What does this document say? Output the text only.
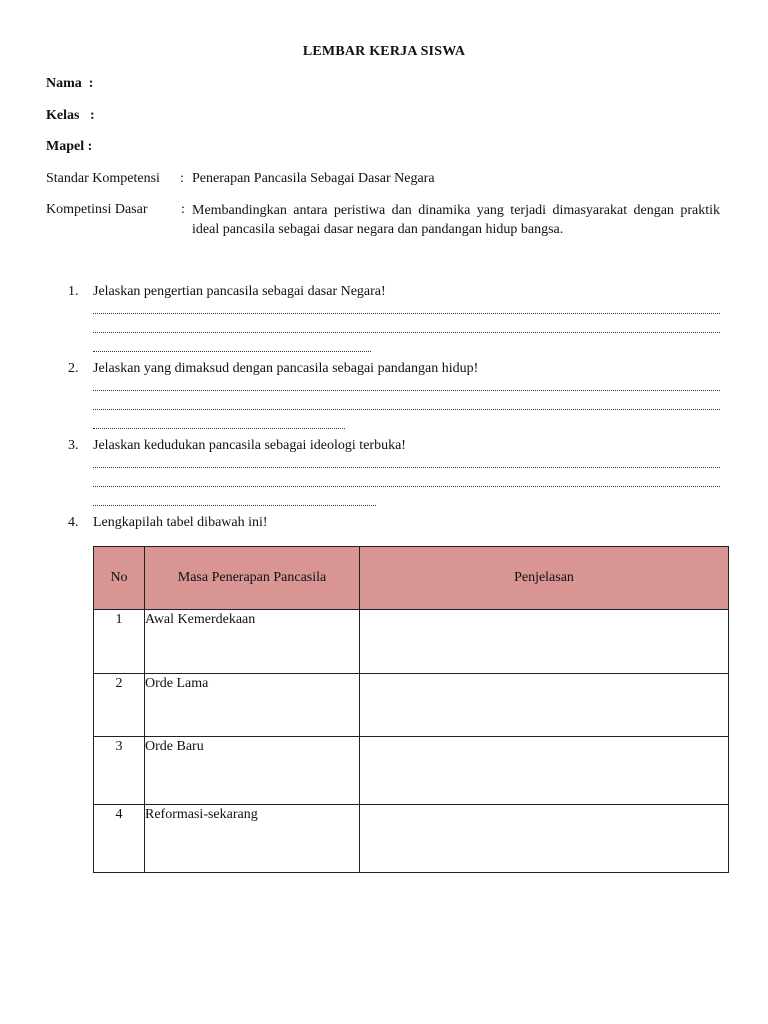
LEMBAR KERJA SISWA
Nama  :
Kelas   :
Mapel :
Standar Kompetensi : Penerapan Pancasila Sebagai Dasar Negara
Kompetinsi Dasar : Membandingkan antara peristiwa dan dinamika yang terjadi dimasyarakat dengan praktik ideal pancasila sebagai dasar negara dan pandangan hidup bangsa.
1. Jelaskan pengertian pancasila sebagai dasar Negara!
2. Jelaskan yang dimaksud dengan pancasila sebagai pandangan hidup!
3. Jelaskan kedudukan pancasila sebagai ideologi terbuka!
4. Lengkapilah tabel dibawah ini!
No	Masa Penerapan Pancasila	Penjelasan
1	Awal Kemerdekaan	
2	Orde Lama	
3	Orde Baru	
4	Reformasi-sekarang	
